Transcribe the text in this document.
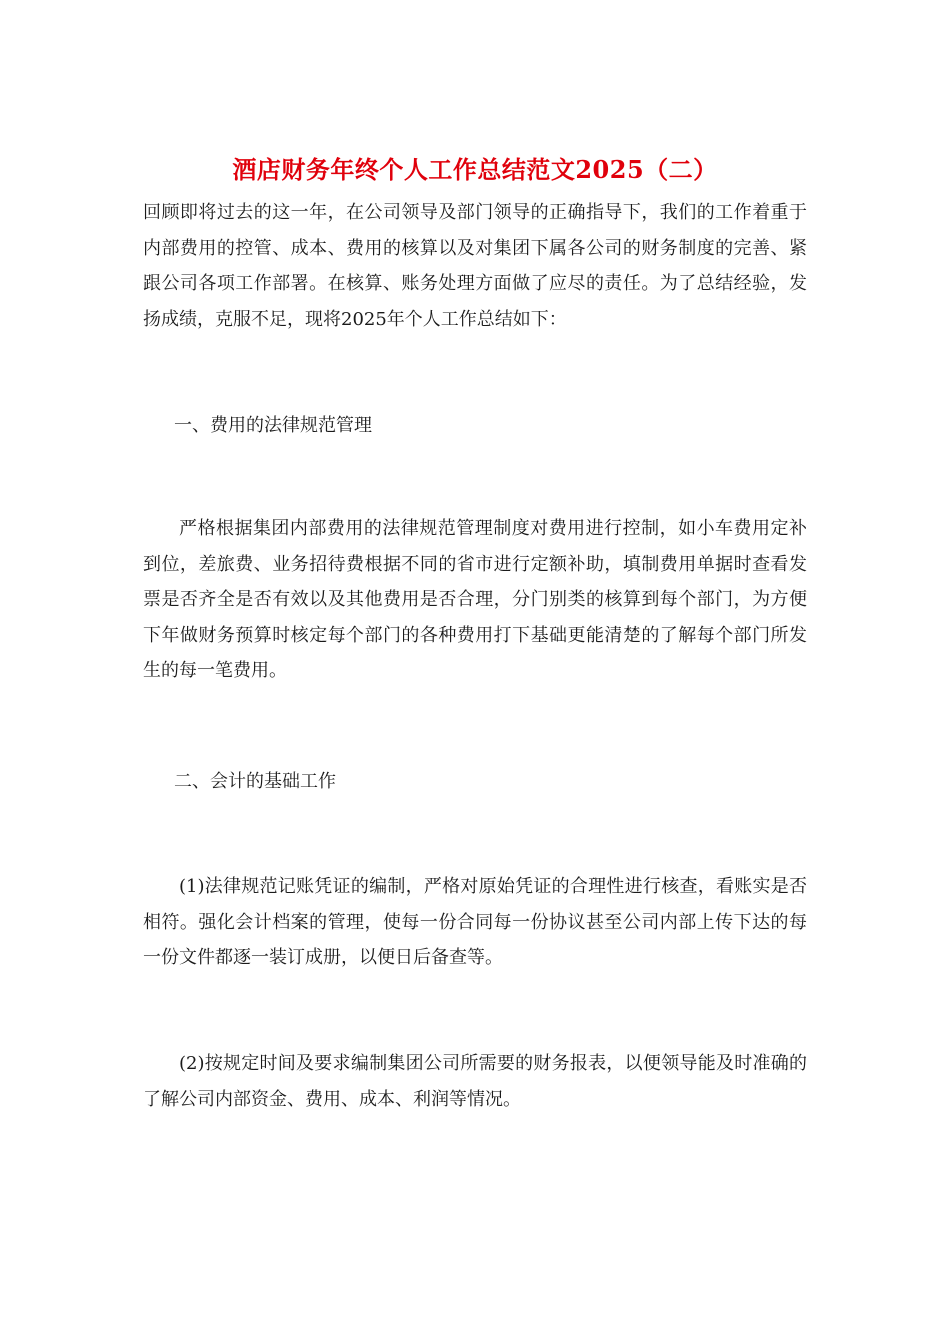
酒店财务年终个人工作总结范文2025（二）

回顾即将过去的这一年，在公司领导及部门领导的正确指导下，我们的工作着重于内部费用的控管、成本、费用的核算以及对集团下属各公司的财务制度的完善、紧跟公司各项工作部署。在核算、账务处理方面做了应尽的责任。为了总结经验，发扬成绩，克服不足，现将2025年个人工作总结如下：

一、费用的法律规范管理

严格根据集团内部费用的法律规范管理制度对费用进行控制，如小车费用定补到位，差旅费、业务招待费根据不同的省市进行定额补助，填制费用单据时查看发票是否齐全是否有效以及其他费用是否合理，分门别类的核算到每个部门，为方便下年做财务预算时核定每个部门的各种费用打下基础更能清楚的了解每个部门所发生的每一笔费用。

二、会计的基础工作

(1)法律规范记账凭证的编制，严格对原始凭证的合理性进行核查，看账实是否相符。强化会计档案的管理，使每一份合同每一份协议甚至公司内部上传下达的每一份文件都逐一装订成册，以便日后备查等。

(2)按规定时间及要求编制集团公司所需要的财务报表，以便领导能及时准确的了解公司内部资金、费用、成本、利润等情况。
